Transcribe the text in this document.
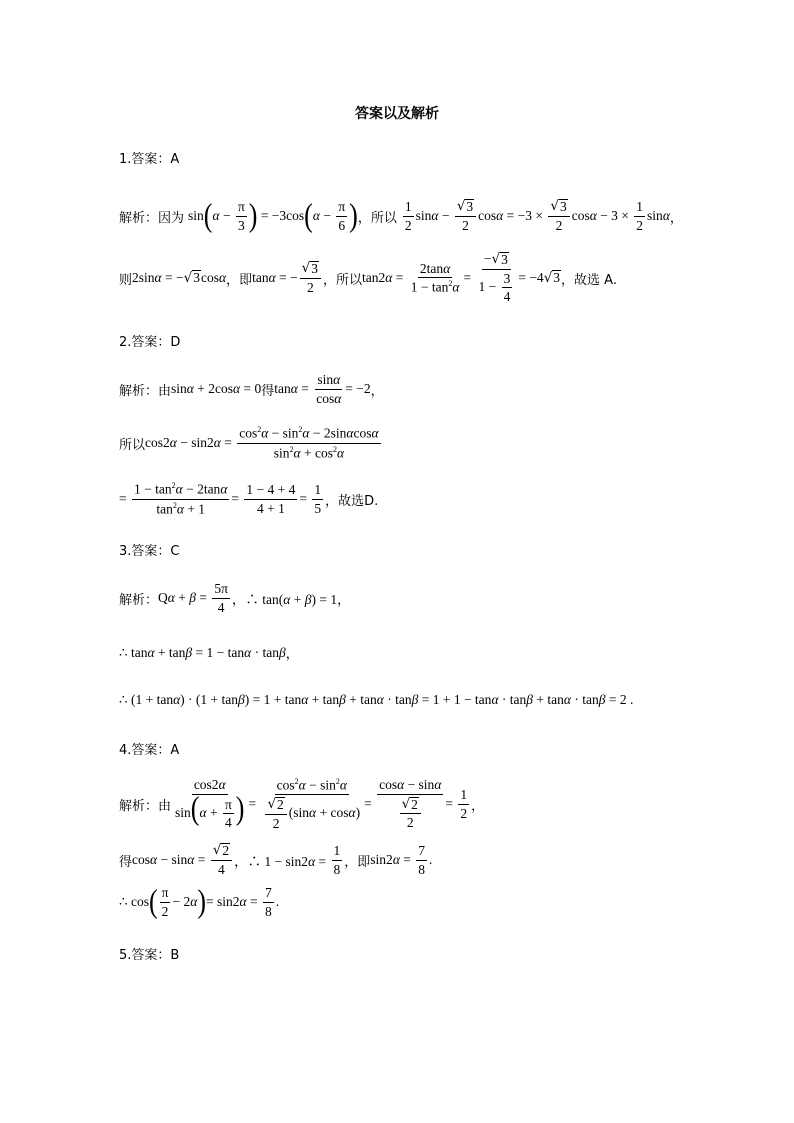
答案以及解析
1.答案：A
解析： 因为 sin ( $\alpha - \frac{\pi}{3}$ ) = −3cos ( $\alpha - \frac{\pi}{6}$ ) ，所以 $\frac{1}{2}$ $\sin\alpha - \frac{√ 3}{2}$ $\cos\alpha = -3 \times \frac{√ 3}{2}$ $\cos\alpha - 3 \times \frac{1}{2}$ sinα ，
则 2sinα = − √ 3 cosα ，即 tanα = − $\frac{√ 3}{2}$ ，所以 $\tan 2\alpha = \frac{2\tan\alpha}{1 - \tan^2\alpha} = \frac{- √ 3}{1 - \frac{3}{4}} = -4$ √ 3 ，故选 A.
2.答案：D
解析： 由 sinα + 2cosα = 0 得 $\tan\alpha = \frac{\sin\alpha}{\cos\alpha} = -2$ ，
所以 $\cos 2\alpha - \sin 2\alpha = \frac{\cos^2\alpha - \sin^2\alpha - 2\sin\alpha\cos\alpha}{\sin^2\alpha + \cos^2\alpha}$
= $\frac{1 - \tan^2\alpha - 2\tan\alpha}{\tan^2\alpha + 1} = \frac{1 - 4 + 4}{4 + 1} = \frac{1}{5}$ ，故选D.
3.答案：C
解析： $Q\alpha + \beta = \frac{5\pi}{4}$ ，∴ tan(α + β) = 1 ，
∴ tanα + tanβ = 1 − tanα · tanβ ，
∴ (1 + tanα) · (1 + tanβ) = 1 + tanα + tanβ + tanα · tanβ = 1 + 1 − tanα · tanβ + tanα · tanβ = 2 .
4.答案：A
解析： 由 $\frac{\cos 2\alpha}{\sin(\alpha + \frac{\pi}{4} )} = \frac{\cos^2\alpha - \sin^2\alpha}{\frac{√ 2}{2} (\sin\alpha + \cos\alpha)} = \frac{\cos\alpha - \sin\alpha}{\frac{√ 2}{2}} = \frac{1}{2}$ ，
得 $\cos\alpha - \sin\alpha = \frac{√ 2}{4}$ ，∴ $1 - \sin 2\alpha = \frac{1}{8}$ ，即 $\sin 2\alpha = \frac{7}{8}$ .
∴ cos ( $\frac{\pi}{2} - 2\alpha$ ) = $\sin 2\alpha = \frac{7}{8}$ .
5.答案：B
